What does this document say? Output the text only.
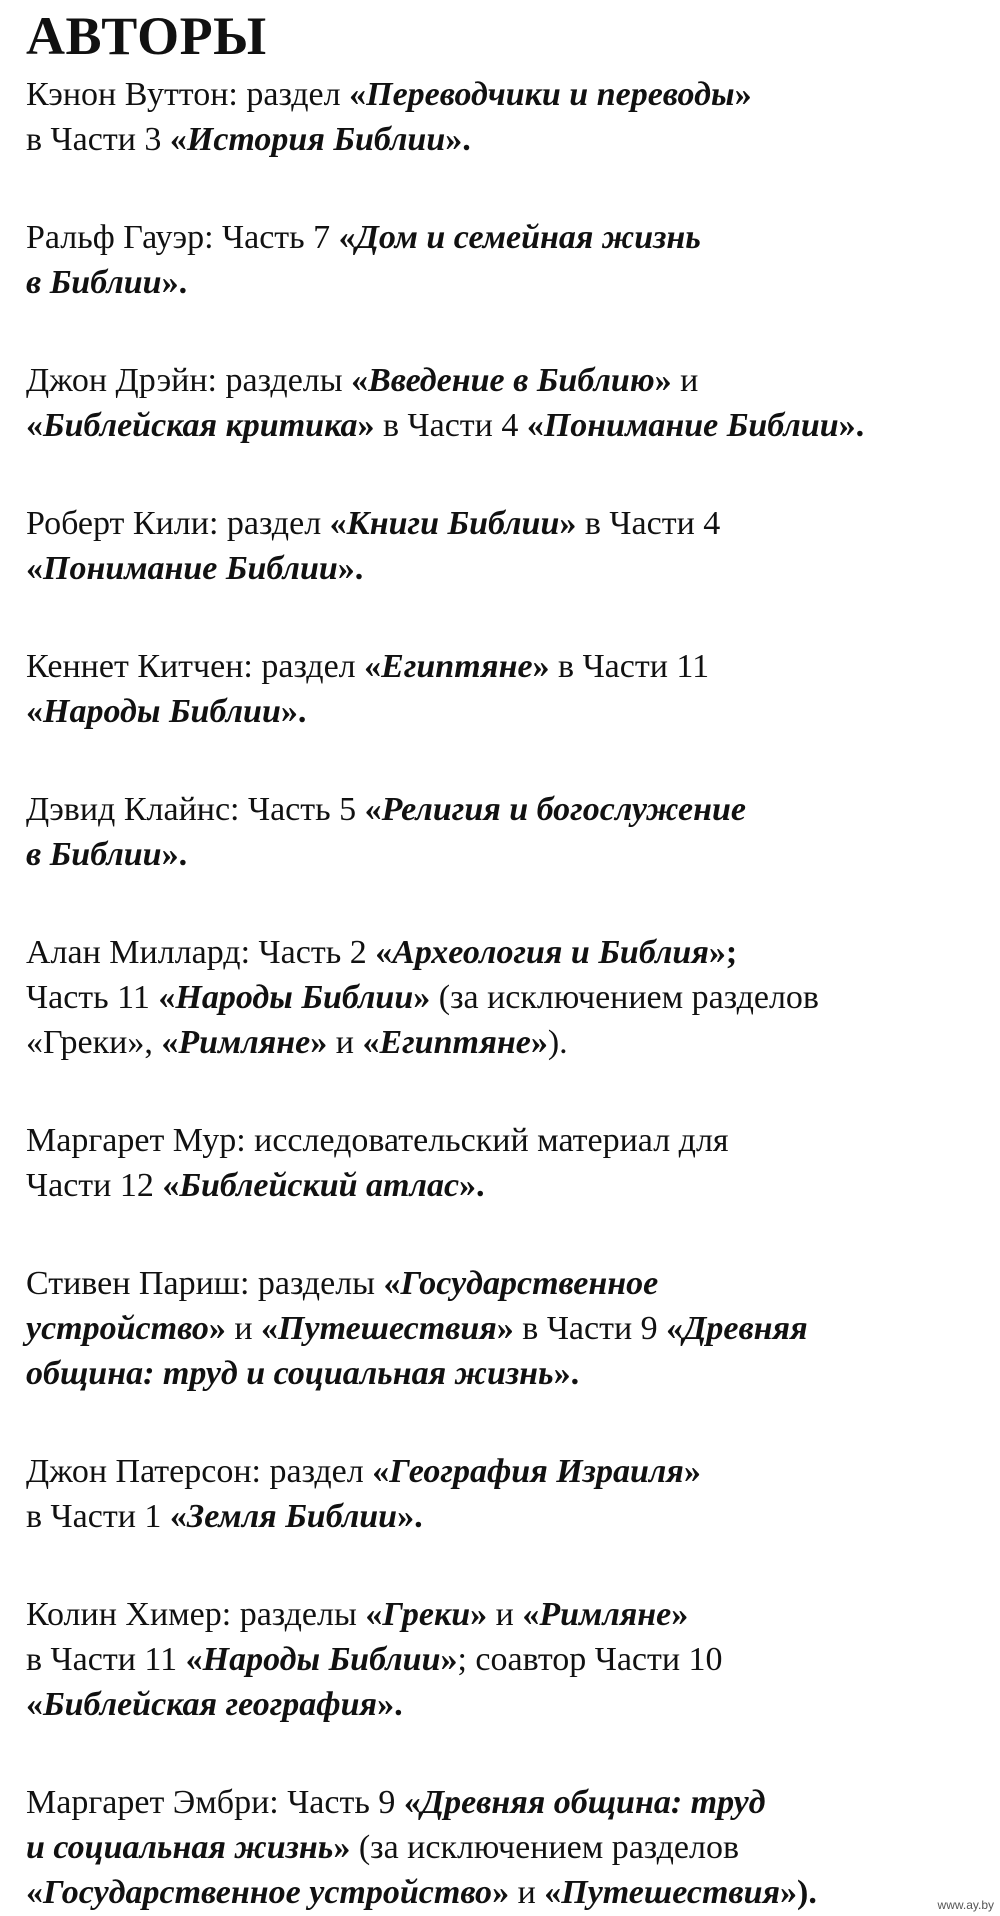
АВТОРЫ

Кэнон Вуттон: раздел «Переводчики и переводы»
в Части 3 «История Библии».

Ральф Гауэр: Часть 7 «Дом и семейная жизнь
в Библии».

Джон Дрэйн: разделы «Введение в Библию» и
«Библейская критика» в Части 4 «Понимание Библии».

Роберт Кили: раздел «Книги Библии» в Части 4
«Понимание Библии».

Кеннет Китчен: раздел «Египтяне» в Части 11
«Народы Библии».

Дэвид Клайнс: Часть 5 «Религия и богослужение
в Библии».

Алан Миллард: Часть 2 «Археология и Библия»;
Часть 11 «Народы Библии» (за исключением разделов
«Греки», «Римляне» и «Египтяне»).

Маргарет Мур: исследовательский материал для
Части 12 «Библейский атлас».

Стивен Париш: разделы «Государственное
устройство» и «Путешествия» в Части 9 «Древняя
община: труд и социальная жизнь».

Джон Патерсон: раздел «География Израиля»
в Части 1 «Земля Библии».

Колин Химер: разделы «Греки» и «Римляне»
в Части 11 «Народы Библии»; соавтор Части 10
«Библейская география».

Маргарет Эмбри: Часть 9 «Древняя община: труд
и социальная жизнь» (за исключением разделов
«Государственное устройство» и «Путешествия»).	www.ay.by
